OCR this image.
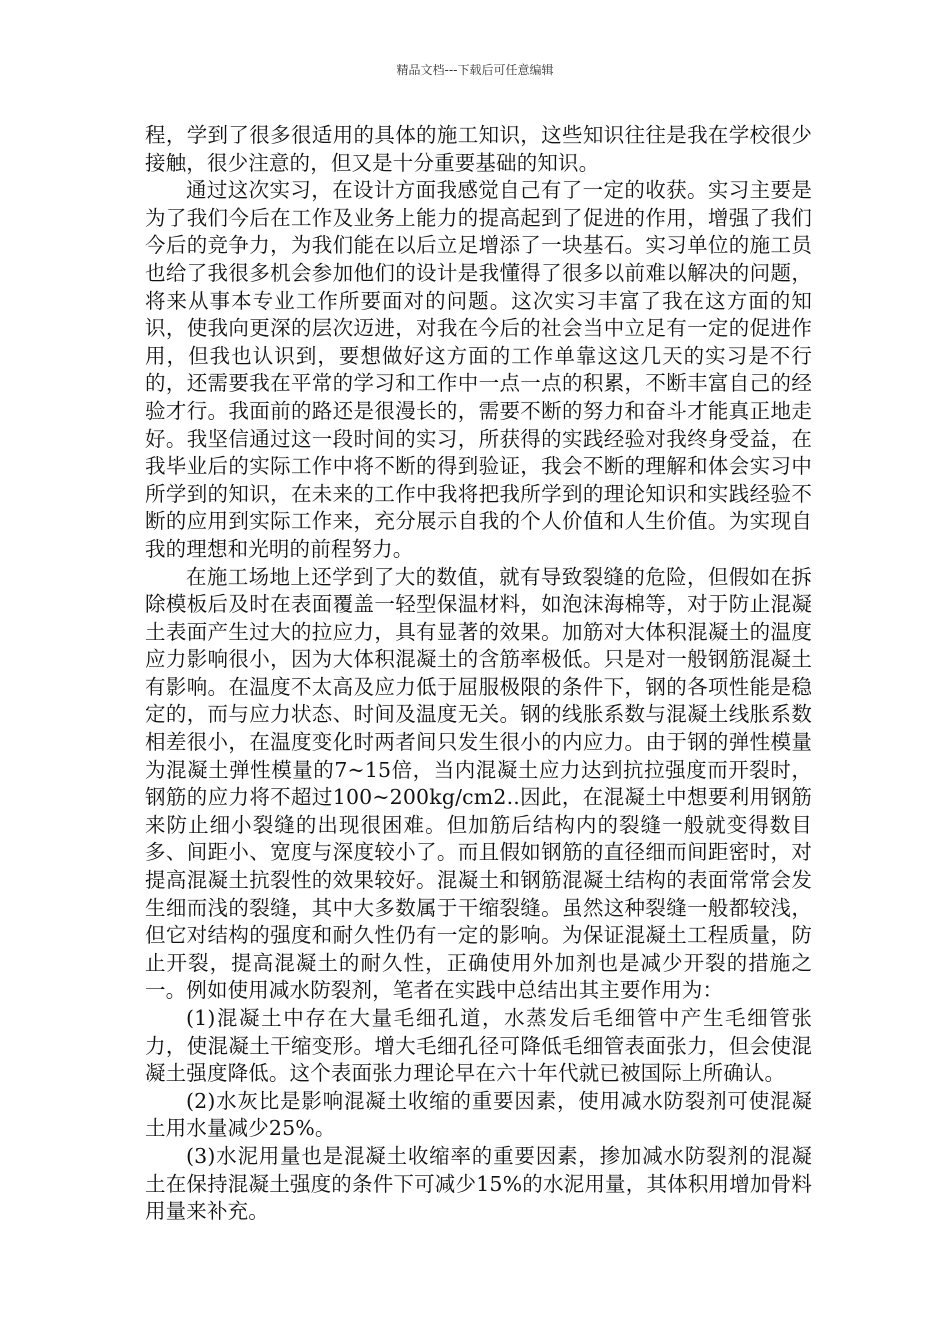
精品文档---下载后可任意编辑

程，学到了很多很适用的具体的施工知识，这些知识往往是我在学校很少接触，很少注意的，但又是十分重要基础的知识。

通过这次实习，在设计方面我感觉自己有了一定的收获。实习主要是为了我们今后在工作及业务上能力的提高起到了促进的作用，增强了我们今后的竞争力，为我们能在以后立足增添了一块基石。实习单位的施工员也给了我很多机会参加他们的设计是我懂得了很多以前难以解决的问题，将来从事本专业工作所要面对的问题。这次实习丰富了我在这方面的知识，使我向更深的层次迈进，对我在今后的社会当中立足有一定的促进作用，但我也认识到，要想做好这方面的工作单靠这这几天的实习是不行的，还需要我在平常的学习和工作中一点一点的积累，不断丰富自己的经验才行。我面前的路还是很漫长的，需要不断的努力和奋斗才能真正地走好。我坚信通过这一段时间的实习，所获得的实践经验对我终身受益，在我毕业后的实际工作中将不断的得到验证，我会不断的理解和体会实习中所学到的知识，在未来的工作中我将把我所学到的理论知识和实践经验不断的应用到实际工作来，充分展示自我的个人价值和人生价值。为实现自我的理想和光明的前程努力。

在施工场地上还学到了大的数值，就有导致裂缝的危险，但假如在拆除模板后及时在表面覆盖一轻型保温材料，如泡沫海棉等，对于防止混凝土表面产生过大的拉应力，具有显著的效果。加筋对大体积混凝土的温度应力影响很小，因为大体积混凝土的含筋率极低。只是对一般钢筋混凝土有影响。在温度不太高及应力低于屈服极限的条件下，钢的各项性能是稳定的，而与应力状态、时间及温度无关。钢的线胀系数与混凝土线胀系数相差很小，在温度变化时两者间只发生很小的内应力。由于钢的弹性模量为混凝土弹性模量的7~15倍，当内混凝土应力达到抗拉强度而开裂时，钢筋的应力将不超过100~200kg/cm2..因此，在混凝土中想要利用钢筋来防止细小裂缝的出现很困难。但加筋后结构内的裂缝一般就变得数目多、间距小、宽度与深度较小了。而且假如钢筋的直径细而间距密时，对提高混凝土抗裂性的效果较好。混凝土和钢筋混凝土结构的表面常常会发生细而浅的裂缝，其中大多数属于干缩裂缝。虽然这种裂缝一般都较浅，但它对结构的强度和耐久性仍有一定的影响。为保证混凝土工程质量，防止开裂，提高混凝土的耐久性，正确使用外加剂也是减少开裂的措施之一。例如使用减水防裂剂，笔者在实践中总结出其主要作用为：

(1)混凝土中存在大量毛细孔道，水蒸发后毛细管中产生毛细管张力，使混凝土干缩变形。增大毛细孔径可降低毛细管表面张力，但会使混凝土强度降低。这个表面张力理论早在六十年代就已被国际上所确认。

(2)水灰比是影响混凝土收缩的重要因素，使用减水防裂剂可使混凝土用水量减少25%。

(3)水泥用量也是混凝土收缩率的重要因素，掺加减水防裂剂的混凝土在保持混凝土强度的条件下可减少15%的水泥用量，其体积用增加骨料用量来补充。
